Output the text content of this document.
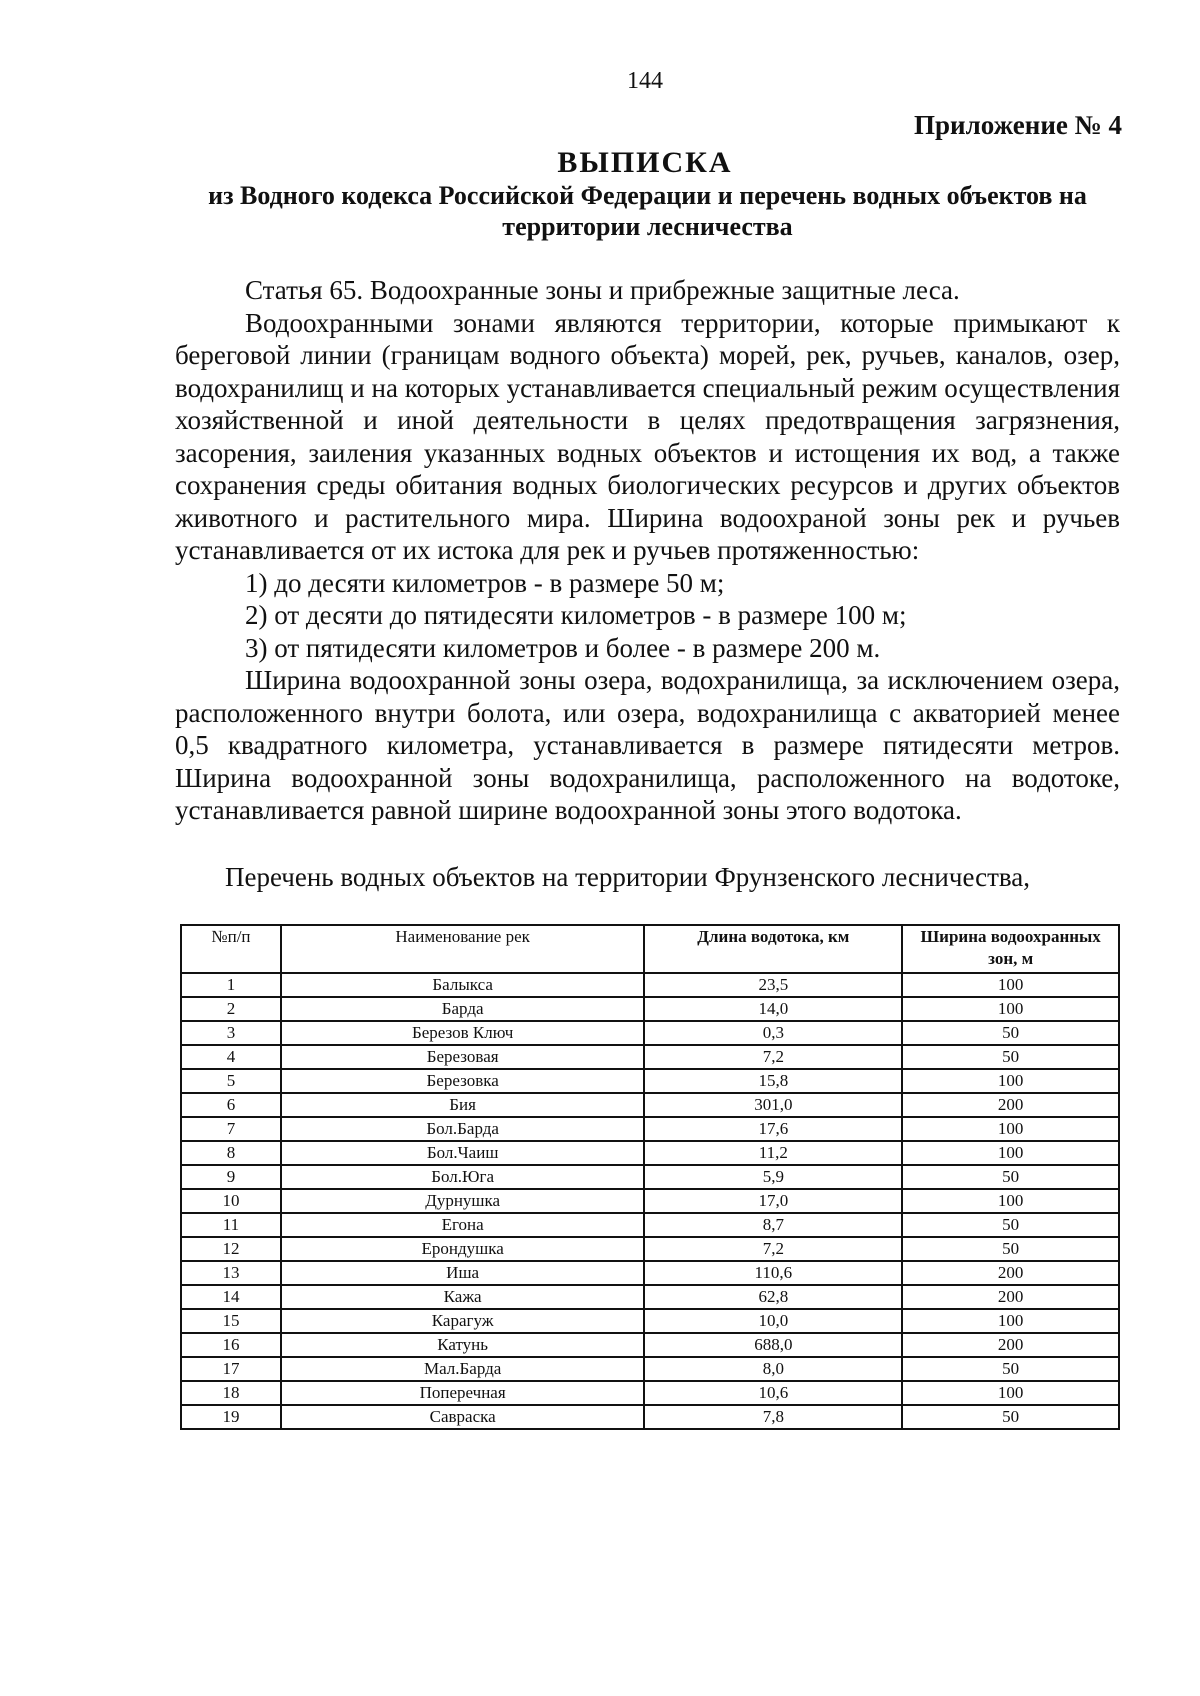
144
Приложение № 4
ВЫПИСКА
из Водного кодекса Российской Федерации и перечень водных объектов на территории лесничества

Статья 65. Водоохранные зоны и прибрежные защитные леса.

Водоохранными зонами являются территории, которые примыкают к береговой линии (границам водного объекта) морей, рек, ручьев, каналов, озер, водохранилищ и на которых устанавливается специальный режим осуществления хозяйственной и иной деятельности в целях предотвращения загрязнения, засорения, заиления указанных водных объектов и истощения их вод, а также сохранения среды обитания водных биологических ресурсов и других объектов животного и растительного мира. Ширина водоохраной зоны рек и ручьев устанавливается от их истока для рек и ручьев протяженностью:

1) до десяти километров - в размере 50 м;

2) от десяти до пятидесяти километров - в размере 100 м;

3) от пятидесяти километров и более - в размере 200 м.

Ширина водоохранной зоны озера, водохранилища, за исключением озера, расположенного внутри болота, или озера, водохранилища с акваторией менее 0,5 квадратного километра, устанавливается в размере пятидесяти метров. Ширина водоохранной зоны водохранилища, расположенного на водотоке, устанавливается равной ширине водоохранной зоны этого водотока.

Перечень водных объектов на территории Фрунзенского лесничества,
№п/п	Наименование рек	Длина водотока, км	Ширина водоохранных зон, м
1	Балыкса	23,5	100
2	Барда	14,0	100
3	Березов Ключ	0,3	50
4	Березовая	7,2	50
5	Березовка	15,8	100
6	Бия	301,0	200
7	Бол.Барда	17,6	100
8	Бол.Чаиш	11,2	100
9	Бол.Юга	5,9	50
10	Дурнушка	17,0	100
11	Егона	8,7	50
12	Ерондушка	7,2	50
13	Иша	110,6	200
14	Кажа	62,8	200
15	Карагуж	10,0	100
16	Катунь	688,0	200
17	Мал.Барда	8,0	50
18	Поперечная	10,6	100
19	Савраска	7,8	50
